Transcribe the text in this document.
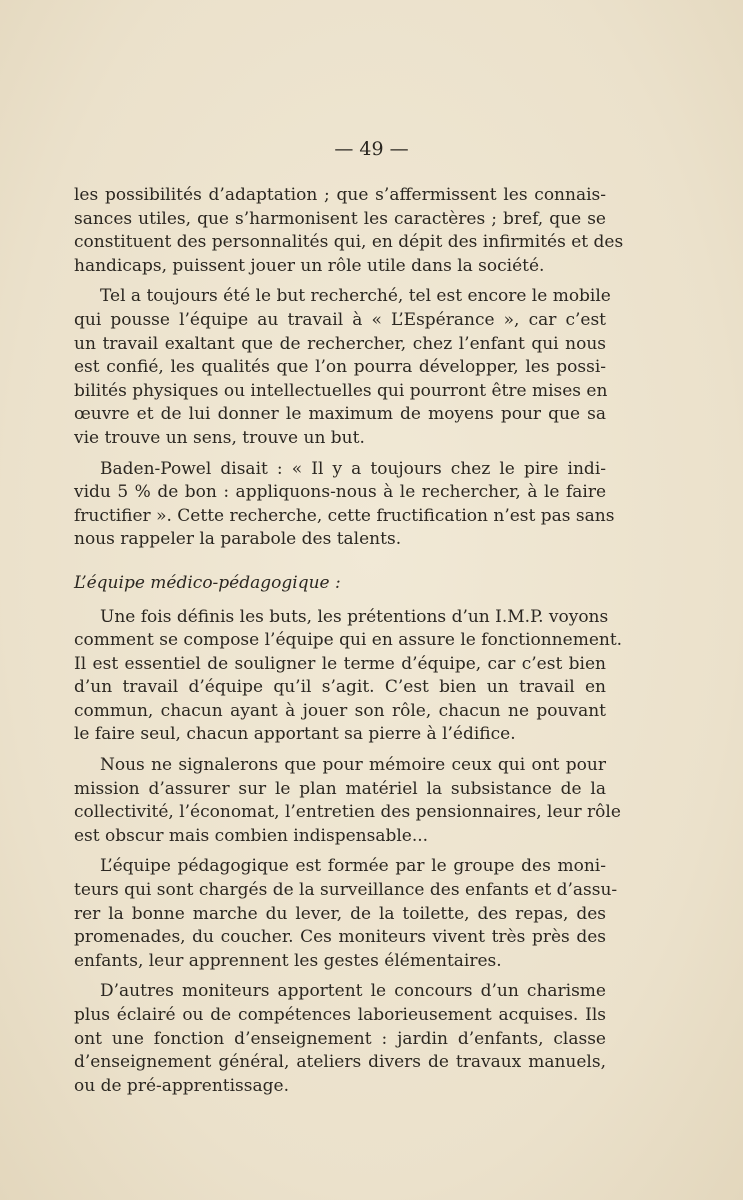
— 49 —
les possibilités d’adaptation ; que s’affermissent les connais-
sances utiles, que s’harmonisent les caractères ; bref, que se
constituent des personnalités qui, en dépit des infirmités et des
handicaps, puissent jouer un rôle utile dans la société.
Tel a toujours été le but recherché, tel est encore le mobile
qui pousse l’équipe au travail à « L’Espérance », car c’est
un travail exaltant que de rechercher, chez l’enfant qui nous
est confié, les qualités que l’on pourra développer, les possi-
bilités physiques ou intellectuelles qui pourront être mises en
œuvre et de lui donner le maximum de moyens pour que sa
vie trouve un sens, trouve un but.
Baden-Powel disait : « Il y a toujours chez le pire indi-
vidu 5 % de bon : appliquons-nous à le rechercher, à le faire
fructifier ». Cette recherche, cette fructification n’est pas sans
nous rappeler la parabole des talents.
L’équipe médico-pédagogique :
Une fois définis les buts, les prétentions d’un I.M.P. voyons
comment se compose l’équipe qui en assure le fonctionnement.
Il est essentiel de souligner le terme d’équipe, car c’est bien
d’un travail d’équipe qu’il s’agit. C’est bien un travail en
commun, chacun ayant à jouer son rôle, chacun ne pouvant
le faire seul, chacun apportant sa pierre à l’édifice.
Nous ne signalerons que pour mémoire ceux qui ont pour
mission d’assurer sur le plan matériel la subsistance de la
collectivité, l’économat, l’entretien des pensionnaires, leur rôle
est obscur mais combien indispensable...
L’équipe pédagogique est formée par le groupe des moni-
teurs qui sont chargés de la surveillance des enfants et d’assu-
rer la bonne marche du lever, de la toilette, des repas, des
promenades, du coucher. Ces moniteurs vivent très près des
enfants, leur apprennent les gestes élémentaires.
D’autres moniteurs apportent le concours d’un charisme
plus éclairé ou de compétences laborieusement acquises. Ils
ont une fonction d’enseignement : jardin d’enfants, classe
d’enseignement général, ateliers divers de travaux manuels,
ou de pré-apprentissage.
